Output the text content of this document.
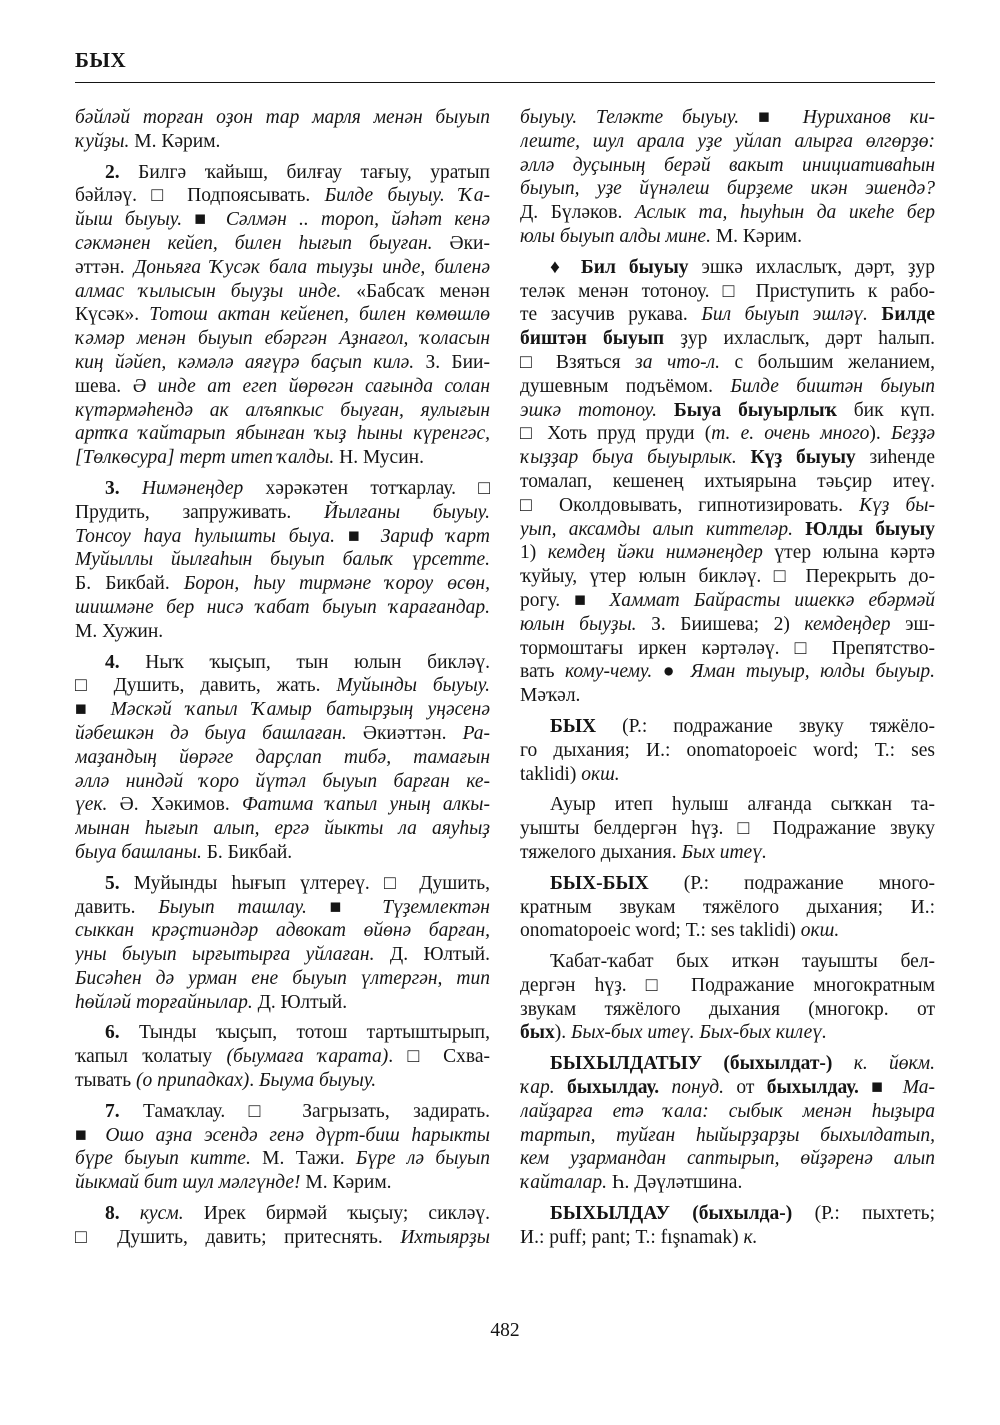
БЫХ
бәйләй торған оҙон тар марля менән быуып
ҡуйҙы. М. Кәрим.
2. Билгә ҡайыш, билғау тағыу, уратып
бәйләү. □ Подпоясывать. Билде быуыу. Ҡа-
йыш быуыу. ■ Сәлмән .. тороп, йәһәт кенә
сәкмәнен кейеп, билен һығып быуған. Әки-
әттән. Доньяға Ҡусәк бала тыуҙы инде, биленә
алмас ҡылысын быуҙы инде. «Бабсаҡ менән
Күсәк». Тотош актан кейенеп, билен көмөшлө
ҡәмәр менән быуып ебәргән Аҙнағол, ҡоласын
киң йәйеп, кәмәлә аяғүрә баҫып килә. З. Бии-
шева. Ә инде ат егеп йөрөгән сағында солан
күтәрмәһендә ак алъяпкыс быуған, яулығын
артҡа ҡайтарып ябынған ҡыҙ һыны күренгәс,
[Төлкөсура] терт итеп ҡалды. Н. Мусин.
3. Нимәнеңдер хәрәкәтен тотҡарлау. □
Прудить, запруживать. Йылғаны быуыу.
Тонсоу һауа һулышты быуа. ■ Зариф ҡарт
Муйыллы йылғаһын быуып балыҡ үрсетте.
Б. Бикбай. Борон, һыу тирмәне ҡороу өсөн,
шишмәне бер нисә ҡабат быуып ҡарағандар.
М. Хужин.
4. Ныҡ ҡыҫып, тын юлын бикләү.
□ Душить, давить, жать. Муйынды быуыу.
■ Мәскәй ҡапыл Ҡамыр батырҙың уңәсенә
йәбешкән дә быуа башлаған. Әкиәттән. Ра-
маҙандың йөрәге дарҫлап тибә, тамағын
әллә ниндәй ҡоро йүтәл быуып барған ке-
үек. Ә. Хәкимов. Фатима ҡапыл уның алкы-
мынан һығып алып, ергә йыкты ла аяуһыҙ
быуа башланы. Б. Бикбай.
5. Муйынды һығып үлтереү. □ Душить,
давить. Быуып ташлау. ■ Түҙемлектән
сыккан крәҫтиәндәр адвокат өйөнә барған,
уны быуып ырғытырға уйлаған. Д. Юлтый.
Бисәһен дә урман ене быуып үлтергән, тип
һөйләй торғайнылар. Д. Юлтый.
6. Тынды ҡыҫып, тотош тартыштырып,
ҡапыл ҡолатыу (быумаға ҡарата). □ Схва-
тывать (о припадках). Быума быуыу.
7. Тамаҡлау. □ Загрызать, задирать.
■ Ошо аҙна эсендә генә дүрт-биш һарыкты
бүре быуып китте. М. Тажи. Бүре лә быуып
йыкмай бит шул мәлгүнде! М. Кәрим.
8. кусм. Ирек бирмәй ҡыҫыу; сикләү.
□ Душить, давить; притеснять. Ихтыярҙы
быуыу. Теләкте быуыу. ■ Нуриханов ки-
леште, шул арала уҙе уйлап алырға өлгөрҙө:
әллә дуҫының берәй вакыт инициативаһын
быуып, уҙе йүнәлеш бирҙеме икән эшендә?
Д. Бүләков. Аслык та, һыуһын да икеһе бер
юлы быуып алды мине. М. Кәрим.
♦ Бил быуыу эшкә ихласлыҡ, дәрт, ҙур
теләк менән тотоноу. □ Приступить к рабо-
те засучив рукава. Бил быуып эшләү. Билде
биштән быуып ҙур ихласлыҡ, дәрт һалып.
□ Взяться за что-л. с большим желанием,
душевным подъёмом. Билде биштән быуып
эшкә тотоноу. Быуа быуырлыҡ бик күп.
□ Хоть пруд пруди (т. е. очень много). Беҙҙә
ҡыҙҙар быуа быуырлык. Күҙ быуыу зиһенде
томалап, кешенең ихтыярына тәьҫир итеү.
□ Околдовывать, гипнотизировать. Күҙ бы-
уып, аксамды алып киттеләр. Юлды быуыу
1) кемдең йәки нимәнеңдер үтер юлына кәртә
ҡуйыу, үтер юлын бикләү. □ Перекрыть до-
рогу. ■ Хаммат Байрасты ишеккә ебәрмәй
юлын быуҙы. З. Биишева; 2) кемдеңдер эш-
тормоштағы иркен кәртәләү. □ Препятство-
вать кому-чему. ● Яман тыуыр, юлды быуыр.
Мәҡәл.
БЫХ (Р.: подражание звуку тяжёло-
го дыхания; И.: onomatopoeic word; Т.: ses
taklidi) окш.
Ауыр итеп һулыш алғанда сыҡкан та-
уышты белдергән һүҙ. □ Подражание звуку
тяжелого дыхания. Бых итеү.
БЫХ-БЫХ (Р.: подражание много-
кратным звукам тяжёлого дыхания; И.:
onomatopoeic word; Т.: ses taklidi) окш.
Ҡабат-ҡабат бых иткән тауышты бел-
дергән һүҙ. □ Подражание многократным
звукам тяжёлого дыхания (многокр. от
бых). Бых-бых итеү. Бых-бых килеү.
БЫХЫЛДАТЫУ (быхылдат-) к. йөкм.
ҡар. быхылдау. понуд. от быхылдау. ■ Ма-
лайҙарға етә ҡала: сыбык менән һыҙыра
тартып, туйған һыйырҙарҙы быхылдатып,
кем уҙармандан саптырып, өйҙәренә алып
ҡайталар. Һ. Дәүләтшина.
БЫХЫЛДАУ (быхылда-) (Р.: пыхтеть;
И.: puff; pant; Т.: fışnamak) к.
482
